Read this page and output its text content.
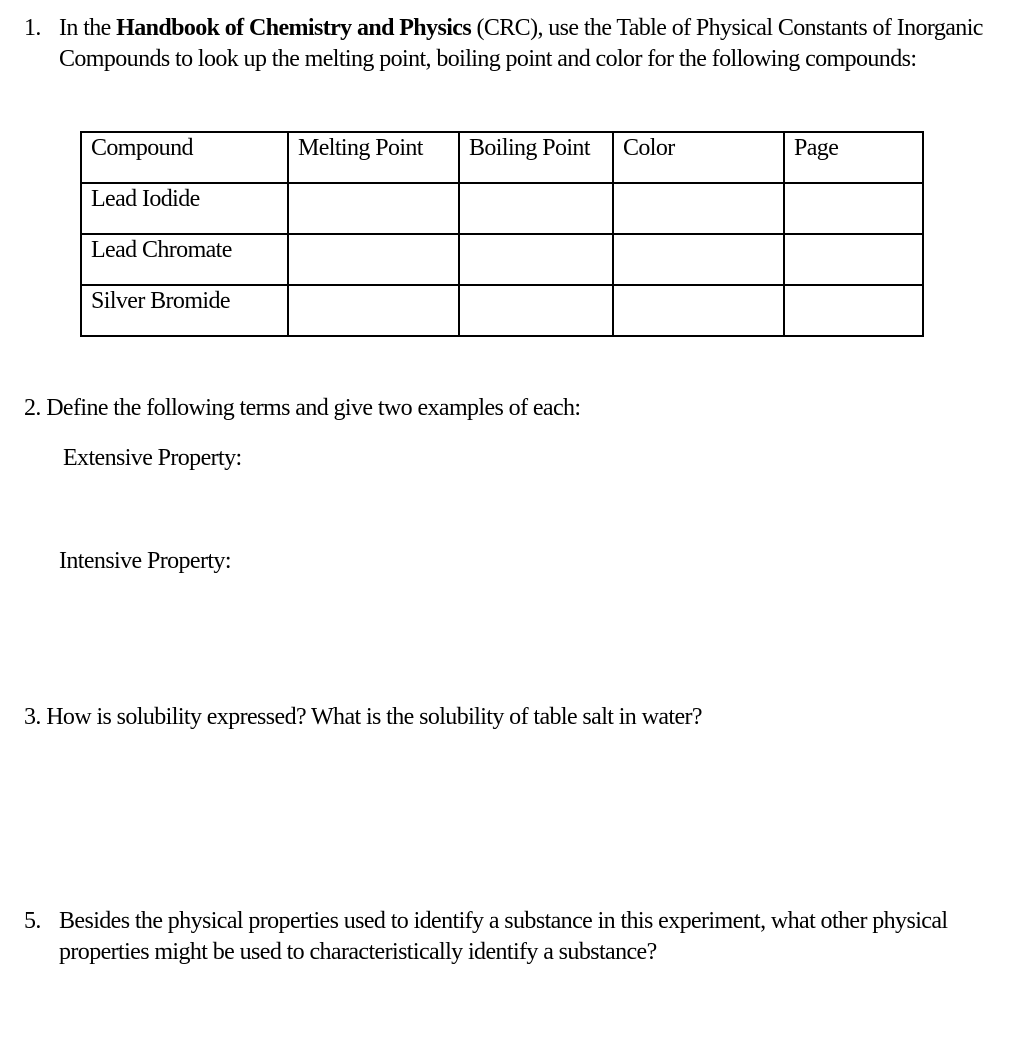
1. In the Handbook of Chemistry and Physics (CRC), use the Table of Physical Constants of Inorganic Compounds to look up the melting point, boiling point and color for the following compounds:
Compound	Melting Point	Boiling Point	Color	Page
Lead Iodide				
Lead Chromate				
Silver Bromide				
2. Define the following terms and give two examples of each:
Extensive Property:
Intensive Property:
3. How is solubility expressed? What is the solubility of table salt in water?
5. Besides the physical properties used to identify a substance in this experiment, what other physical properties might be used to characteristically identify a substance?
